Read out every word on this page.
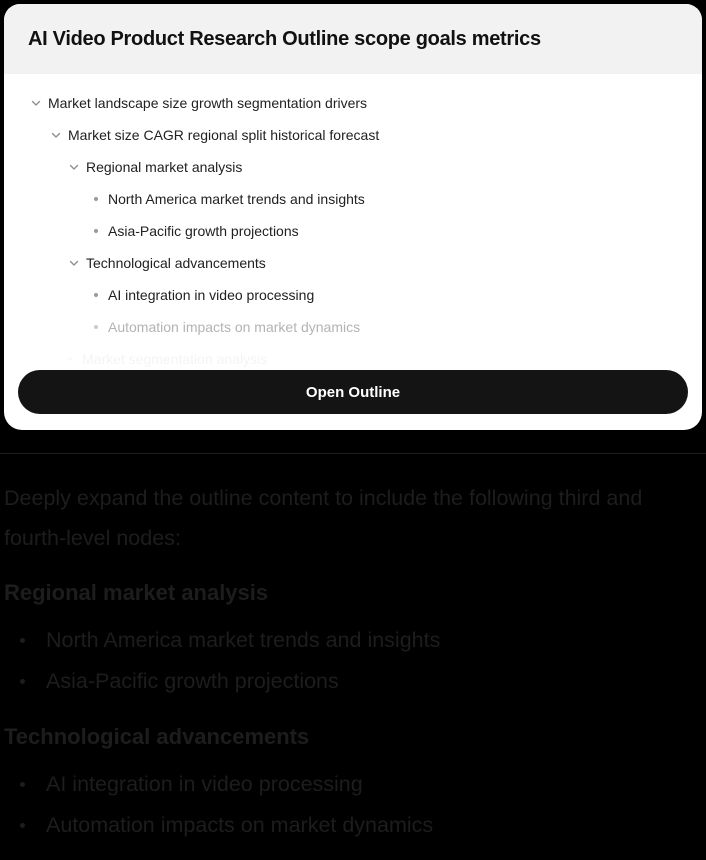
AI Video Product Research Outline scope goals metrics
Market landscape size growth segmentation drivers
Market size CAGR regional split historical forecast
Regional market analysis
North America market trends and insights
Asia-Pacific growth projections
Technological advancements
AI integration in video processing
Automation impacts on market dynamics
Open Outline
Deeply expand the outline content to include the following third and fourth-level nodes:
Regional market analysis
North America market trends and insights
Asia-Pacific growth projections
Technological advancements
AI integration in video processing
Automation impacts on market dynamics
